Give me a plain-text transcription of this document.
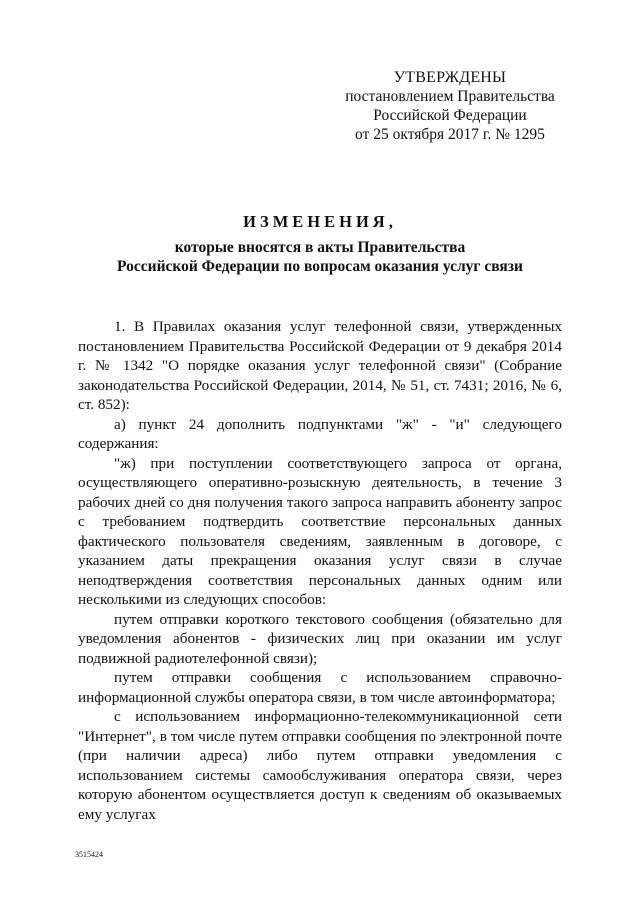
УТВЕРЖДЕНЫ
постановлением Правительства
Российской Федерации
от 25 октября 2017 г. № 1295
ИЗМЕНЕНИЯ,
которые вносятся в акты Правительства
Российской Федерации по вопросам оказания услуг связи

1. В Правилах оказания услуг телефонной связи, утвержденных постановлением Правительства Российской Федерации от 9 декабря 2014 г. № 1342 "О порядке оказания услуг телефонной связи" (Собрание законодательства Российской Федерации, 2014, № 51, ст. 7431; 2016, № 6, ст. 852):

а) пункт 24 дополнить подпунктами "ж" - "и" следующего содержания:

"ж) при поступлении соответствующего запроса от органа, осуществляющего оперативно-розыскную деятельность, в течение 3 рабочих дней со дня получения такого запроса направить абоненту запрос с требованием подтвердить соответствие персональных данных фактического пользователя сведениям, заявленным в договоре, с указанием даты прекращения оказания услуг связи в случае неподтверждения соответствия персональных данных одним или несколькими из следующих способов:

путем отправки короткого текстового сообщения (обязательно для уведомления абонентов - физических лиц при оказании им услуг подвижной радиотелефонной связи);

путем отправки сообщения с использованием справочно-информационной службы оператора связи, в том числе автоинформатора;

с использованием информационно-телекоммуникационной сети "Интернет", в том числе путем отправки сообщения по электронной почте (при наличии адреса) либо путем отправки уведомления с использованием системы самообслуживания оператора связи, через которую абонентом осуществляется доступ к сведениям об оказываемых ему услугах

3515424
